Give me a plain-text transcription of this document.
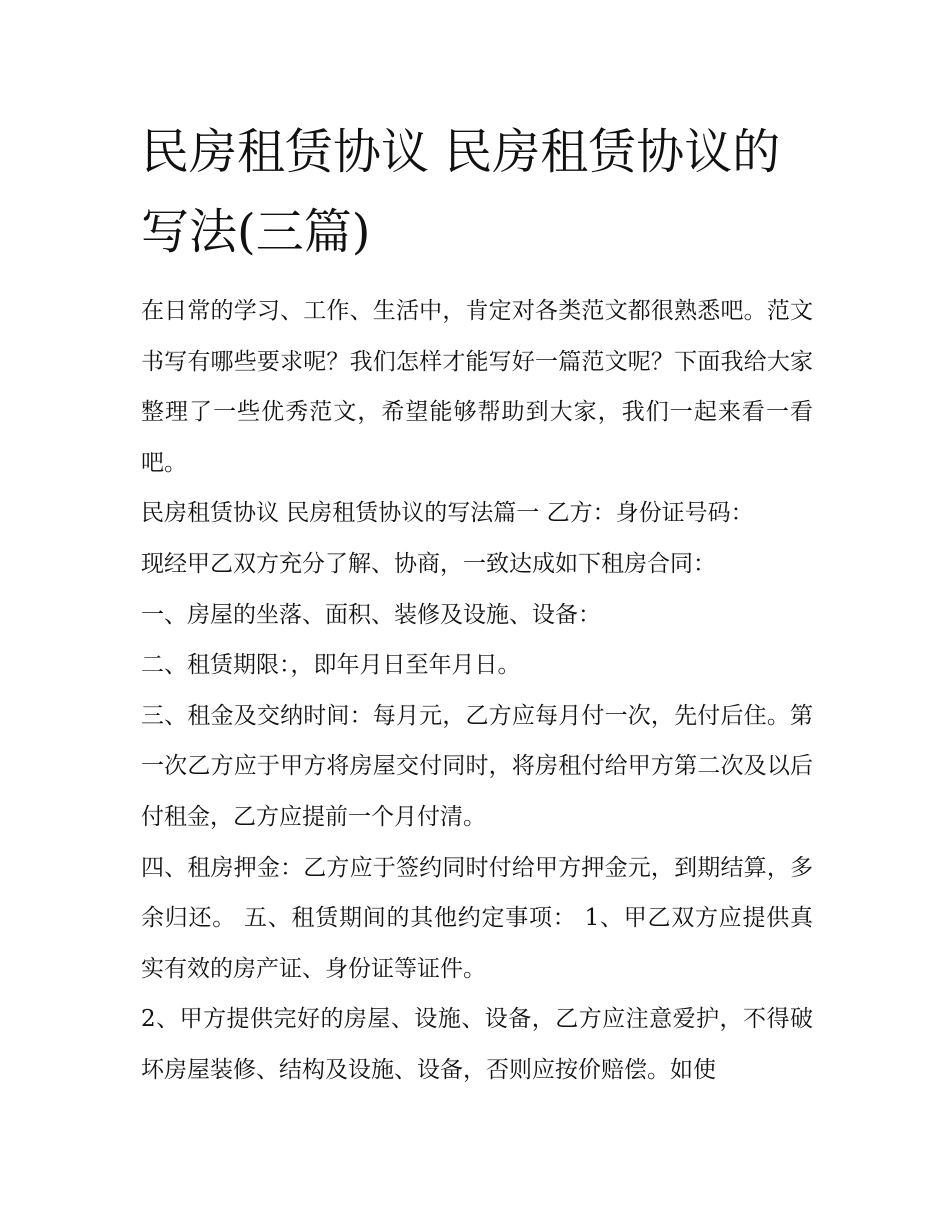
民房租赁协议 民房租赁协议的写法(三篇)

在日常的学习、工作、生活中，肯定对各类范文都很熟悉吧。范文书写有哪些要求呢？我们怎样才能写好一篇范文呢？下面我给大家整理了一些优秀范文，希望能够帮助到大家，我们一起来看一看吧。

民房租赁协议 民房租赁协议的写法篇一 乙方：身份证号码：

现经甲乙双方充分了解、协商，一致达成如下租房合同：

一、房屋的坐落、面积、装修及设施、设备：

二、租赁期限：，即年月日至年月日。

三、租金及交纳时间：每月元，乙方应每月付一次，先付后住。第一次乙方应于甲方将房屋交付同时，将房租付给甲方第二次及以后付租金，乙方应提前一个月付清。

四、租房押金：乙方应于签约同时付给甲方押金元，到期结算，多余归还。 五、租赁期间的其他约定事项： 1、甲乙双方应提供真实有效的房产证、身份证等证件。

2、甲方提供完好的房屋、设施、设备，乙方应注意爱护，不得破坏房屋装修、结构及设施、设备，否则应按价赔偿。如使
